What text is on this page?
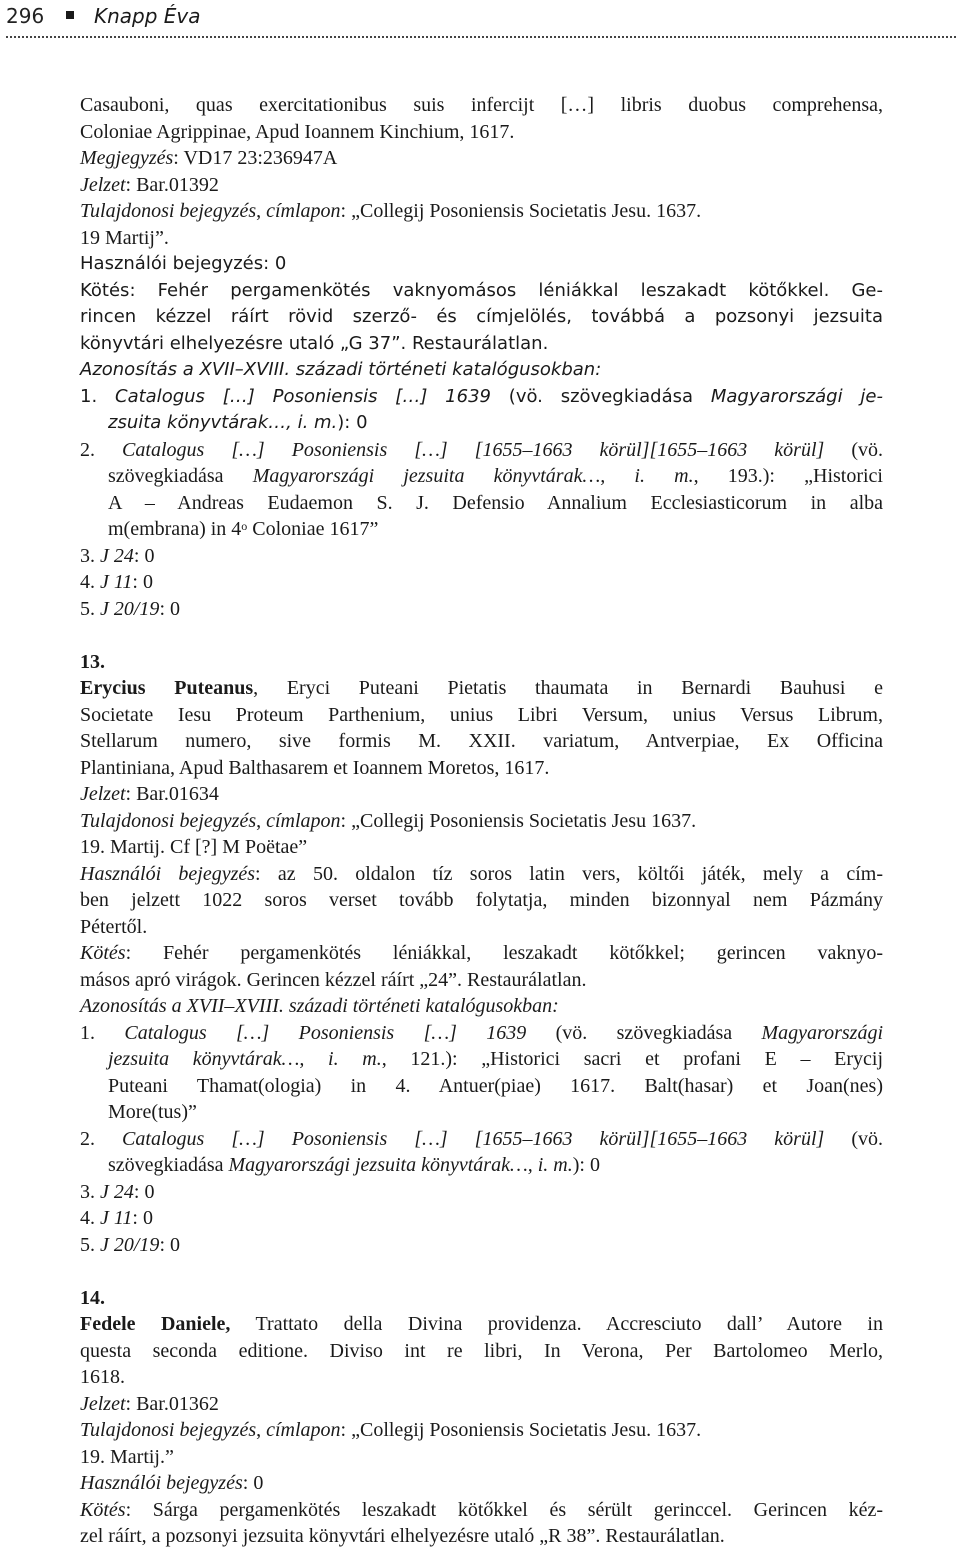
296 Knapp Éva
Casauboni, quas exercitationibus suis infercijt […] libris duobus comprehensa,
Coloniae Agrippinae, Apud Ioannem Kinchium, 1617.
Megjegyzés: VD17 23:236947A
Jelzet: Bar.01392
Tulajdonosi bejegyzés, címlapon: „Collegij Posoniensis Societatis Jesu. 1637.
19 Martij”.
Használói bejegyzés: 0
Kötés: Fehér pergamenkötés vaknyomásos léniákkal leszakadt kötőkkel. Ge-
rincen kézzel ráírt rövid szerző- és címjelölés, továbbá a pozsonyi jezsuita
könyvtári elhelyezésre utaló „G 37”. Restaurálatlan.
Azonosítás a XVII–XVIII. századi történeti katalógusokban:
1. Catalogus […] Posoniensis […] 1639 (vö. szövegkiadása Magyarországi je-
zsuita könyvtárak…, i. m.): 0
2. Catalogus […] Posoniensis […] [1655–1663 körül][1655–1663 körül] (vö.
szövegkiadása Magyarországi jezsuita könyvtárak…, i. m., 193.): „Historici
A – Andreas Eudaemon S. J. Defensio Annalium Ecclesiasticorum in alba
m(embrana) in 4$^o$ Coloniae 1617”
3. J 24: 0
4. J 11: 0
5. J 20/19: 0
13.
Erycius Puteanus, Eryci Puteani Pietatis thaumata in Bernardi Bauhusi e
Societate Iesu Proteum Parthenium, unius Libri Versum, unius Versus Librum,
Stellarum numero, sive formis M. XXII. variatum, Antverpiae, Ex Officina
Plantiniana, Apud Balthasarem et Ioannem Moretos, 1617.
Jelzet: Bar.01634
Tulajdonosi bejegyzés, címlapon: „Collegij Posoniensis Societatis Jesu 1637.
19. Martij. Cf [?] M Poëtae”
Használói bejegyzés: az 50. oldalon tíz soros latin vers, költői játék, mely a cím-
ben jelzett 1022 soros verset tovább folytatja, minden bizonnyal nem Pázmány
Pétertől.
Kötés: Fehér pergamenkötés léniákkal, leszakadt kötőkkel; gerincen vaknyo-
másos apró virágok. Gerincen kézzel ráírt „24”. Restaurálatlan.
Azonosítás a XVII–XVIII. századi történeti katalógusokban:
1. Catalogus […] Posoniensis […] 1639 (vö. szövegkiadása Magyarországi
jezsuita könyvtárak…, i. m., 121.): „Historici sacri et profani E – Erycij
Puteani Thamat(ologia) in 4. Antuer(piae) 1617. Balt(hasar) et Joan(nes)
More(tus)”
2. Catalogus […] Posoniensis […] [1655–1663 körül][1655–1663 körül] (vö.
szövegkiadása Magyarországi jezsuita könyvtárak…, i. m.): 0
3. J 24: 0
4. J 11: 0
5. J 20/19: 0
14.
Fedele Daniele, Trattato della Divina providenza. Accresciuto dall’ Autore in
questa seconda editione. Diviso int re libri, In Verona, Per Bartolomeo Merlo,
1618.
Jelzet: Bar.01362
Tulajdonosi bejegyzés, címlapon: „Collegij Posoniensis Societatis Jesu. 1637.
19. Martij.”
Használói bejegyzés: 0
Kötés: Sárga pergamenkötés leszakadt kötőkkel és sérült gerinccel. Gerincen kéz-
zel ráírt, a pozsonyi jezsuita könyvtári elhelyezésre utaló „R 38”. Restaurálatlan.
